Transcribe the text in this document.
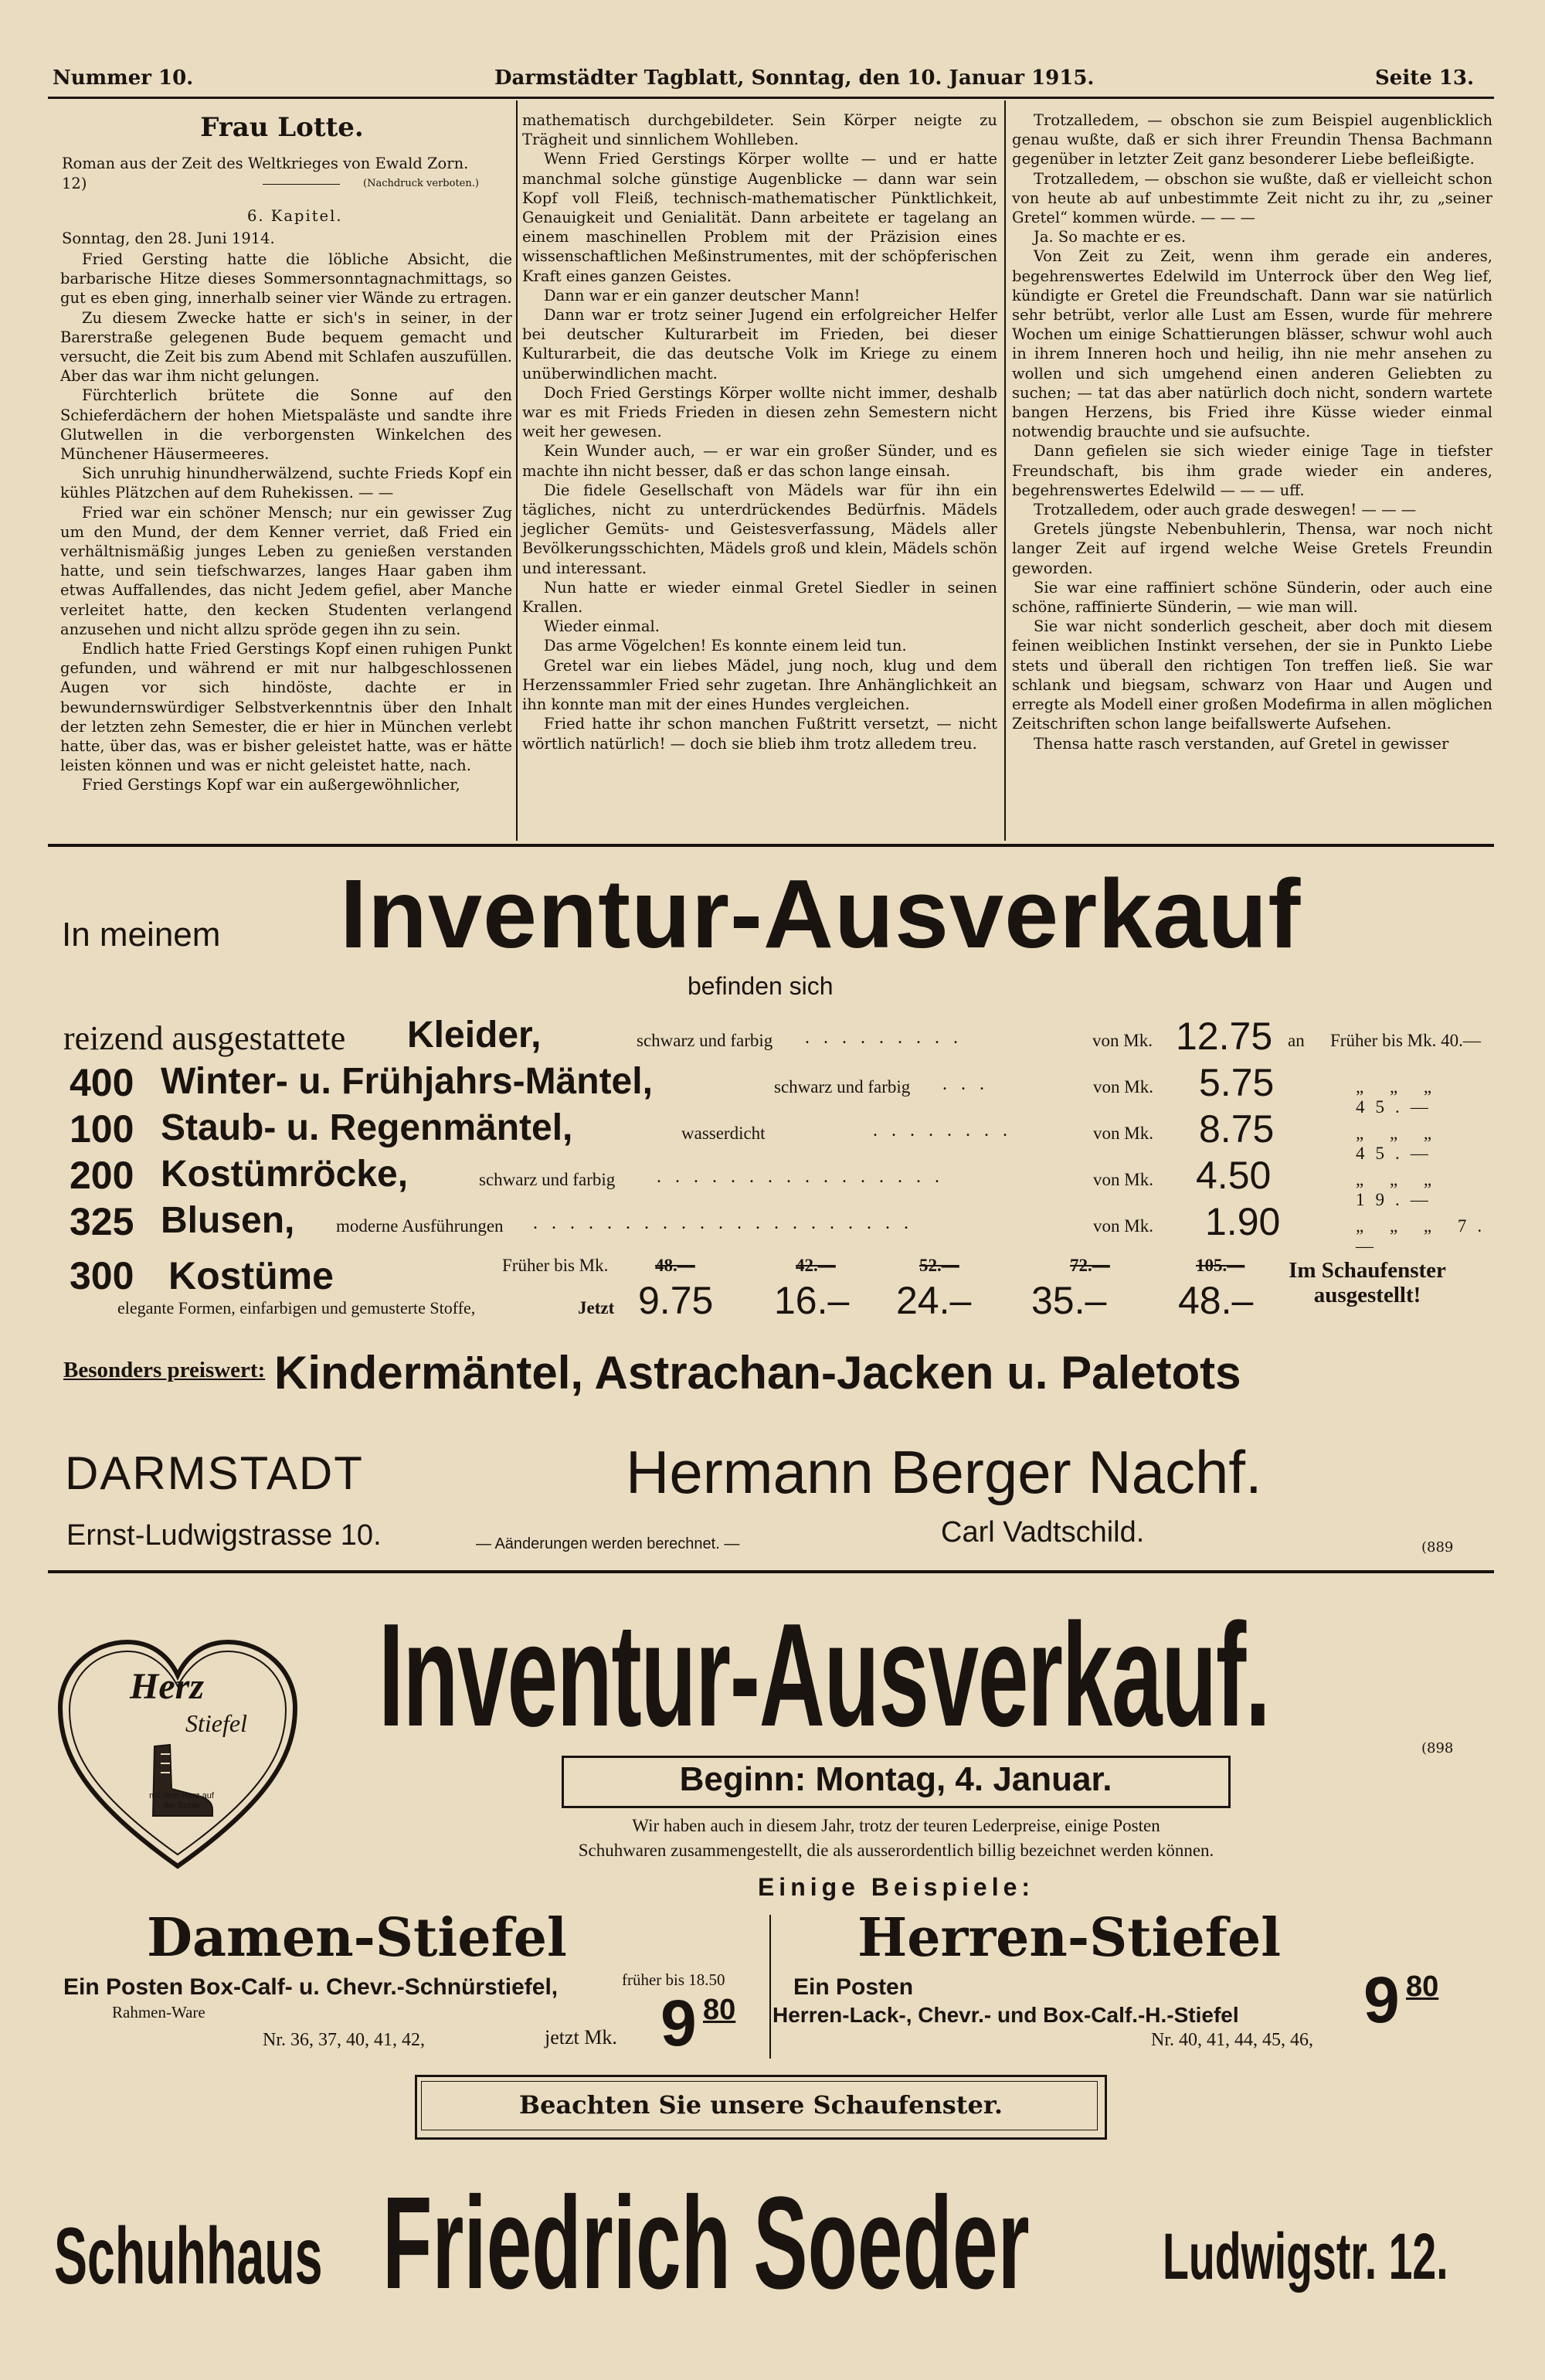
Nummer 10.	Darmstädter Tagblatt, Sonntag, den 10. Januar 1915.	Seite 13.
Frau Lotte.
Roman aus der Zeit des Weltkrieges von Ewald Zorn.
12)	(Nachdruck verboten.)
6. Kapitel.
Sonntag, den 28. Juni 1914.

Fried Gersting hatte die löbliche Absicht, die barbarische Hitze dieses Sommersonntagnachmittags, so gut es eben ging, innerhalb seiner vier Wände zu ertragen.

Zu diesem Zwecke hatte er sich's in seiner, in der Barerstraße gelegenen Bude bequem gemacht und versucht, die Zeit bis zum Abend mit Schlafen auszufüllen. Aber das war ihm nicht gelungen.

Fürchterlich brütete die Sonne auf den Schieferdächern der hohen Mietspaläste und sandte ihre Glutwellen in die verborgensten Winkelchen des Münchener Häusermeeres.

Sich unruhig hinundherwälzend, suchte Frieds Kopf ein kühles Plätzchen auf dem Ruhekissen. — —

Fried war ein schöner Mensch; nur ein gewisser Zug um den Mund, der dem Kenner verriet, daß Fried ein verhältnismäßig junges Leben zu genießen verstanden hatte, und sein tiefschwarzes, langes Haar gaben ihm etwas Auffallendes, das nicht Jedem gefiel, aber Manche verleitet hatte, den kecken Studenten verlangend anzusehen und nicht allzu spröde gegen ihn zu sein.

Endlich hatte Fried Gerstings Kopf einen ruhigen Punkt gefunden, und während er mit nur halbgeschlossenen Augen vor sich hindöste, dachte er in bewundernswürdiger Selbstverkenntnis über den Inhalt der letzten zehn Semester, die er hier in München verlebt hatte, über das, was er bisher geleistet hatte, was er hätte leisten können und was er nicht geleistet hatte, nach.

Fried Gerstings Kopf war ein außergewöhnlicher,

mathematisch durchgebildeter. Sein Körper neigte zu Trägheit und sinnlichem Wohlleben.

Wenn Fried Gerstings Körper wollte — und er hatte manchmal solche günstige Augenblicke — dann war sein Kopf voll Fleiß, technisch-mathematischer Pünktlichkeit, Genauigkeit und Genialität. Dann arbeitete er tagelang an einem maschinellen Problem mit der Präzision eines wissenschaftlichen Meßinstrumentes, mit der schöpferischen Kraft eines ganzen Geistes.

Dann war er ein ganzer deutscher Mann!

Dann war er trotz seiner Jugend ein erfolgreicher Helfer bei deutscher Kulturarbeit im Frieden, bei dieser Kulturarbeit, die das deutsche Volk im Kriege zu einem unüberwindlichen macht.

Doch Fried Gerstings Körper wollte nicht immer, deshalb war es mit Frieds Frieden in diesen zehn Semestern nicht weit her gewesen.

Kein Wunder auch, — er war ein großer Sünder, und es machte ihn nicht besser, daß er das schon lange einsah.

Die fidele Gesellschaft von Mädels war für ihn ein tägliches, nicht zu unterdrückendes Bedürfnis. Mädels jeglicher Gemüts- und Geistesverfassung, Mädels aller Bevölkerungsschichten, Mädels groß und klein, Mädels schön und interessant.

Nun hatte er wieder einmal Gretel Siedler in seinen Krallen.

Wieder einmal.

Das arme Vögelchen! Es konnte einem leid tun.

Gretel war ein liebes Mädel, jung noch, klug und dem Herzenssammler Fried sehr zugetan. Ihre Anhänglichkeit an ihn konnte man mit der eines Hundes vergleichen.

Fried hatte ihr schon manchen Fußtritt versetzt, — nicht wörtlich natürlich! — doch sie blieb ihm trotz alledem treu.

Trotzalledem, — obschon sie zum Beispiel augenblicklich genau wußte, daß er sich ihrer Freundin Thensa Bachmann gegenüber in letzter Zeit ganz besonderer Liebe befleißigte.

Trotzalledem, — obschon sie wußte, daß er vielleicht schon von heute ab auf unbestimmte Zeit nicht zu ihr, zu „seiner Gretel“ kommen würde. — — —

Ja. So machte er es.

Von Zeit zu Zeit, wenn ihm gerade ein anderes, begehrenswertes Edelwild im Unterrock über den Weg lief, kündigte er Gretel die Freundschaft. Dann war sie natürlich sehr betrübt, verlor alle Lust am Essen, wurde für mehrere Wochen um einige Schattierungen blässer, schwur wohl auch in ihrem Inneren hoch und heilig, ihn nie mehr ansehen zu wollen und sich umgehend einen anderen Geliebten zu suchen; — tat das aber natürlich doch nicht, sondern wartete bangen Herzens, bis Fried ihre Küsse wieder einmal notwendig brauchte und sie aufsuchte.

Dann gefielen sie sich wieder einige Tage in tiefster Freundschaft, bis ihm grade wieder ein anderes, begehrenswertes Edelwild — — — uff.

Trotzalledem, oder auch grade deswegen! — — —

Gretels jüngste Nebenbuhlerin, Thensa, war noch nicht langer Zeit auf irgend welche Weise Gretels Freundin geworden.

Sie war eine raffiniert schöne Sünderin, oder auch eine schöne, raffinierte Sünderin, — wie man will.

Sie war nicht sonderlich gescheit, aber doch mit diesem feinen weiblichen Instinkt versehen, der sie in Punkto Liebe stets und überall den richtigen Ton treffen ließ. Sie war schlank und biegsam, schwarz von Haar und Augen und erregte als Modell einer großen Modefirma in allen möglichen Zeitschriften schon lange beifallswerte Aufsehen.

Thensa hatte rasch verstanden, auf Gretel in gewisser

In meinem Inventur-Ausverkauf
befinden sich
reizend ausgestattete Kleider,	schwarz und farbig . . . . . . . . .	von Mk. 12.75 an Früher bis Mk. 40.—
400 Winter- u. Frühjahrs-Mäntel,	schwarz und farbig . . .	von Mk. 5.75	„ „ „ 45.—
100 Staub- u. Regenmäntel,	wasserdicht	. . . . . . . .	von Mk. 8.75	„ „ „ 45.—
200 Kostümröcke,	schwarz und farbig . . . . . . . . . . . . . . . .	von Mk. 4.50	„ „ „ 19.—
325 Blusen, moderne Ausführungen . . . . . . . . . . . . . . . . . . . . .	von Mk. 1.90	„ „ „ 7.—
300 Kostüme
elegante Formen, einfarbigen und gemusterte Stoffe,
Früher bis Mk.
Jetzt
48.—	42.—	52.—	72.—	105.—
9.75 16.– 24.– 35.– 48.–
Im Schaufenster ausgestellt!
Besonders preiswert: Kindermäntel, Astrachan-Jacken u. Paletots
DARMSTADT	Hermann Berger Nachf.
Ernst-Ludwigstrasse 10.	— Aänderungen werden berechnet. —	Carl Vadtschild.	(889
Herz
Stiefel
mit dem Herz auf der Sohle
Inventur-Ausverkauf.	(898
Beginn: Montag, 4. Januar.
Wir haben auch in diesem Jahr, trotz der teuren Lederpreise, einige Posten
Schuhwaren zusammengestellt, die als ausserordentlich billig bezeichnet werden können.
Einige Beispiele:
Damen-Stiefel
Ein Posten Box-Calf- u. Chevr.-Schnürstiefel,	früher bis 18.50
Rahmen-Ware
Nr. 36, 37, 40, 41, 42,	jetzt Mk. 9 80
Herren-Stiefel
Ein Posten
Herren-Lack-, Chevr.- und Box-Calf.-H.-Stiefel
Nr. 40, 41, 44, 45, 46,
9 80
Beachten Sie unsere Schaufenster.
Schuhhaus Friedrich Soeder	Ludwigstr. 12.
